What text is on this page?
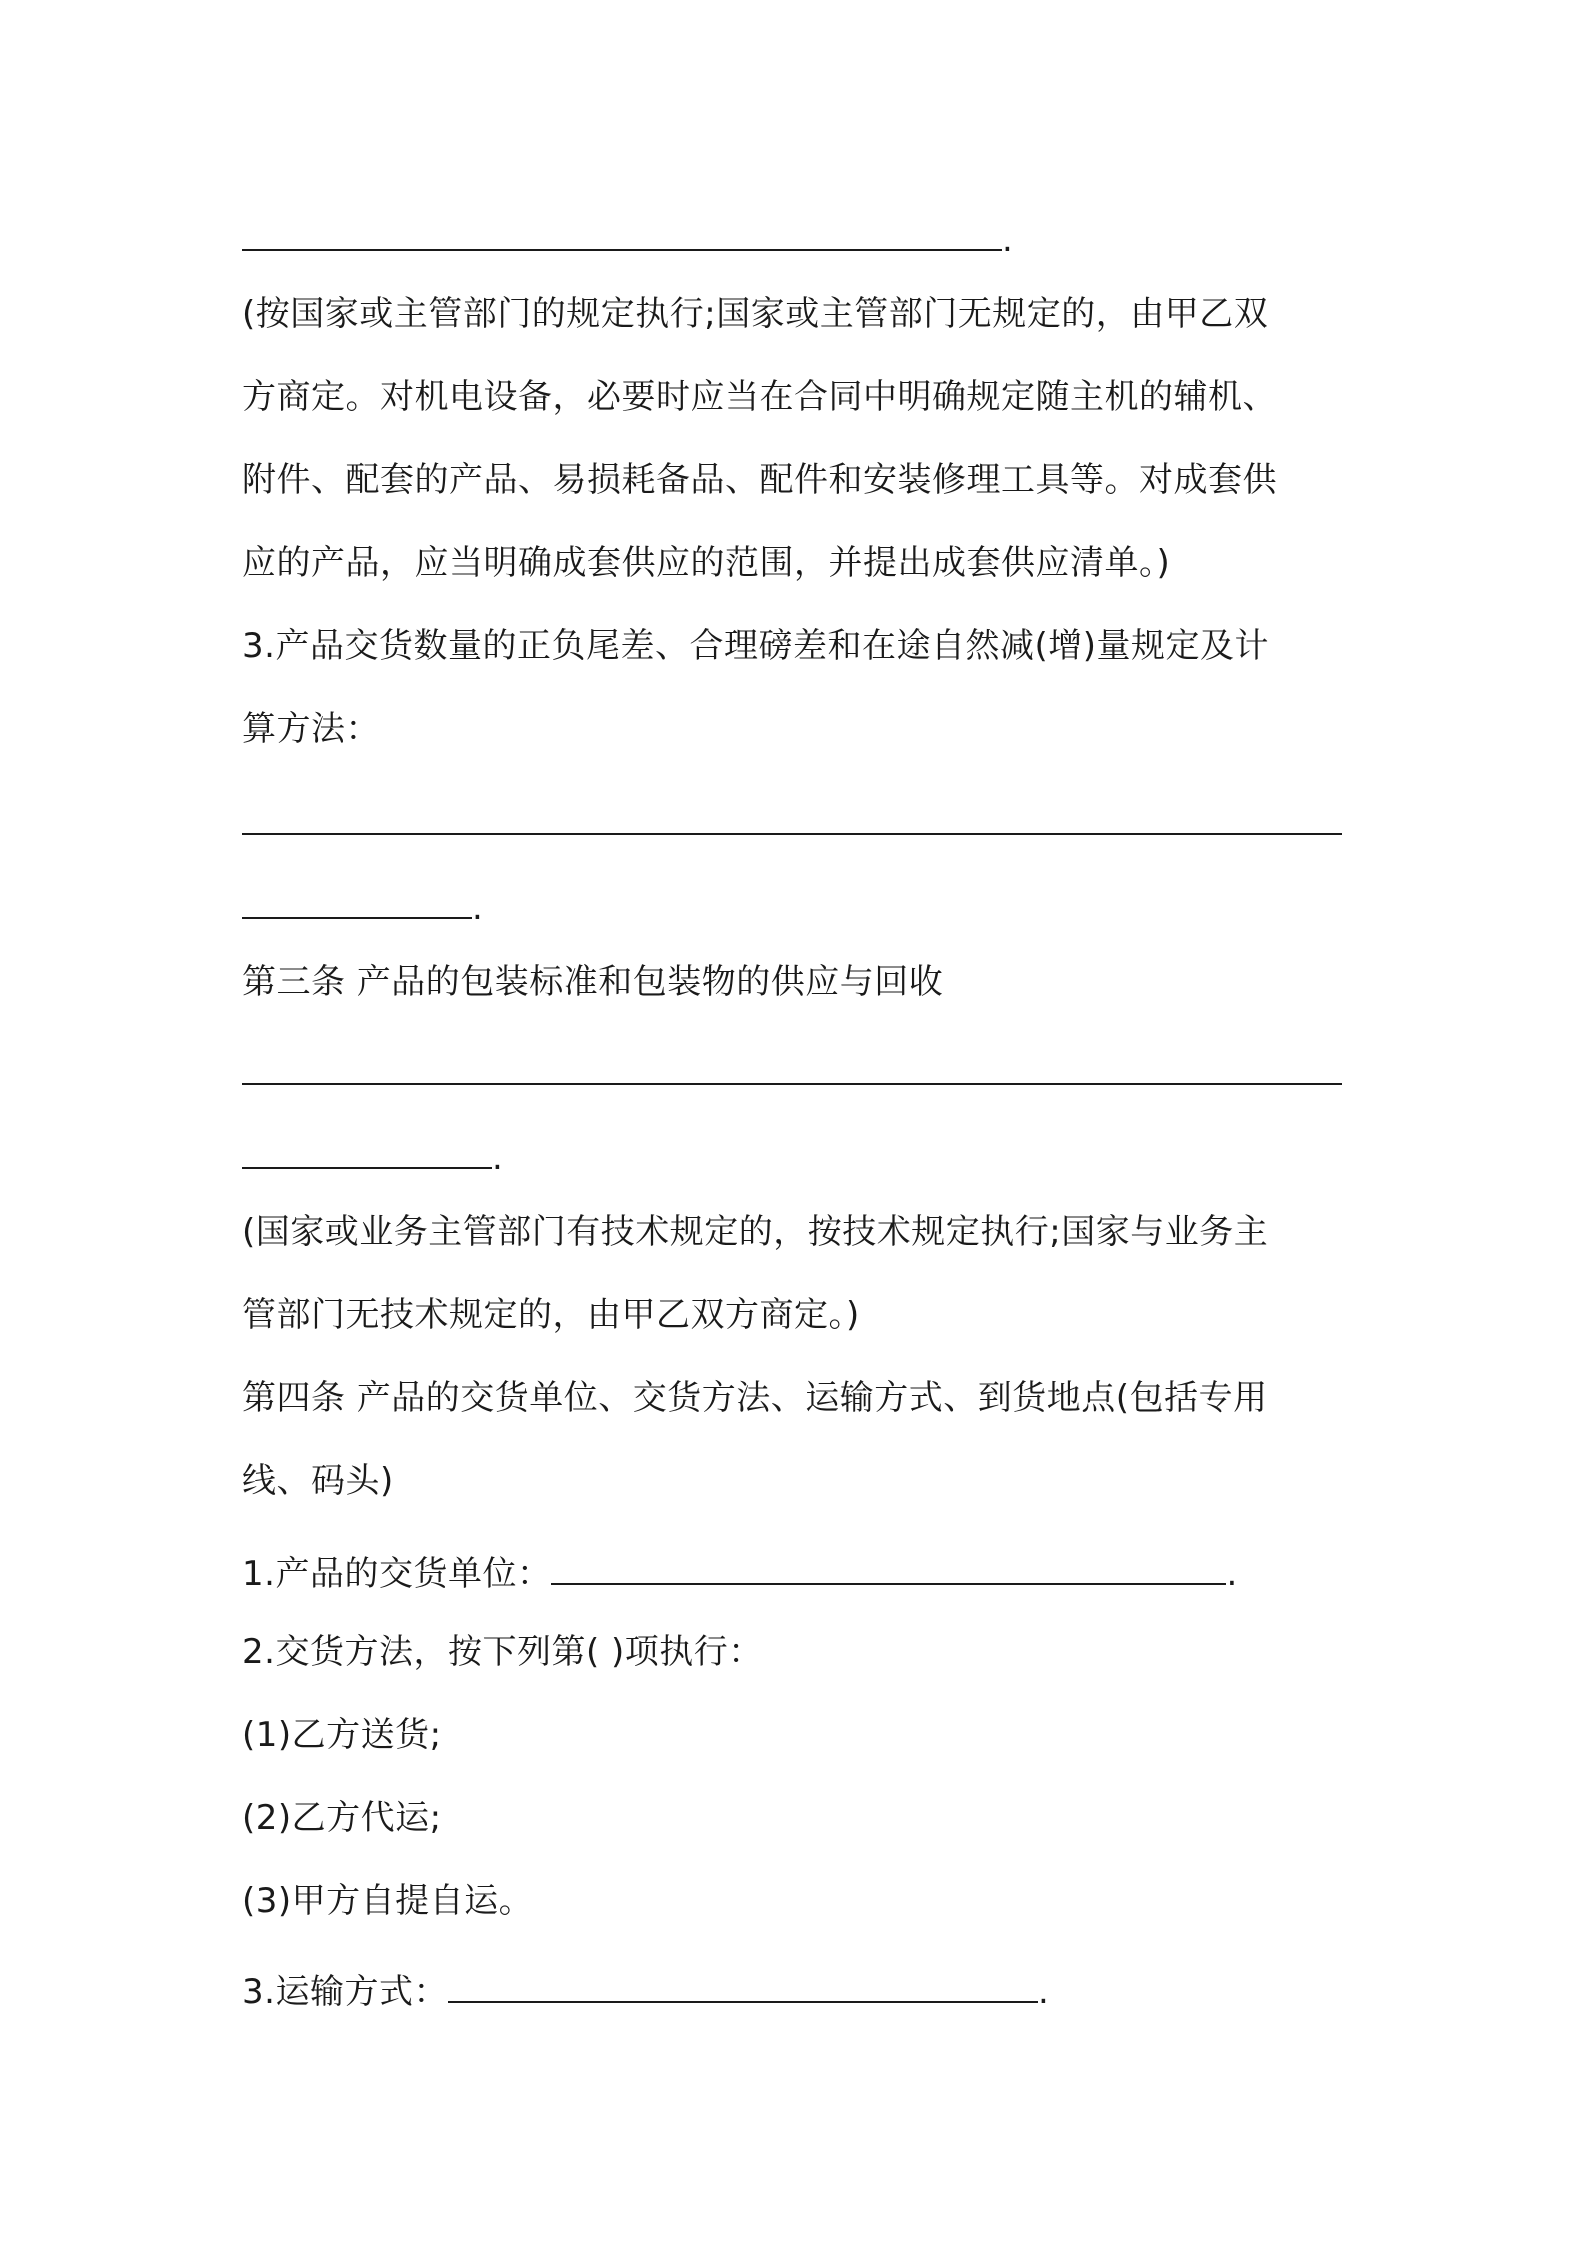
.
(按国家或主管部门的规定执行;国家或主管部门无规定的，由甲乙双
方商定。对机电设备，必要时应当在合同中明确规定随主机的辅机、
附件、配套的产品、易损耗备品、配件和安装修理工具等。对成套供
应的产品，应当明确成套供应的范围，并提出成套供应清单。)
3.产品交货数量的正负尾差、合理磅差和在途自然减(增)量规定及计
算方法：
.
第三条 产品的包装标准和包装物的供应与回收
.
(国家或业务主管部门有技术规定的，按技术规定执行;国家与业务主
管部门无技术规定的，由甲乙双方商定。)
第四条 产品的交货单位、交货方法、运输方式、到货地点(包括专用
线、码头)
1.产品的交货单位：	.
2.交货方法，按下列第( )项执行：
(1)乙方送货;
(2)乙方代运;
(3)甲方自提自运。
3.运输方式：	.
